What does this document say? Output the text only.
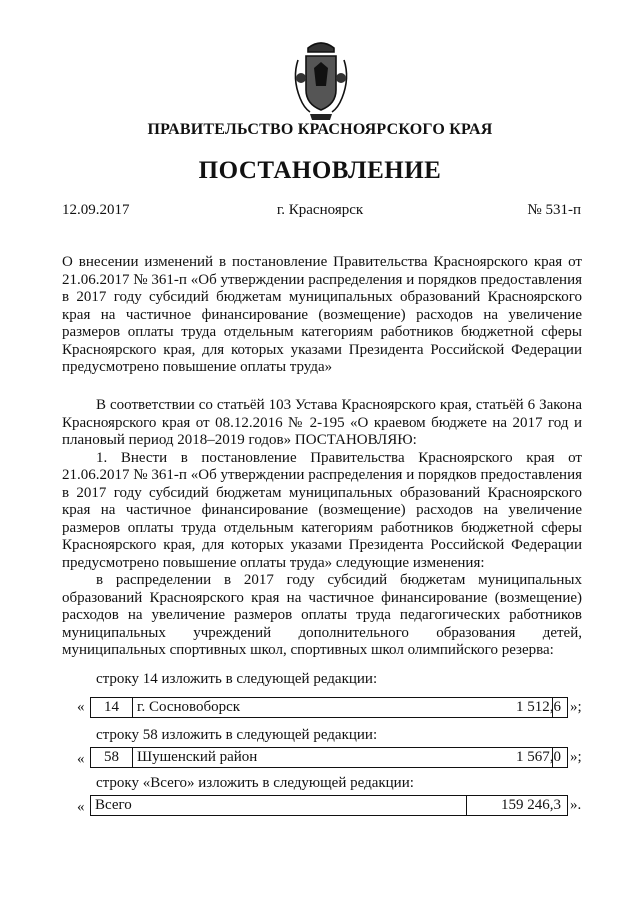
ПРАВИТЕЛЬСТВО КРАСНОЯРСКОГО КРАЯ
ПОСТАНОВЛЕНИЕ
12.09.2017	г. Красноярск	№ 531-п
О внесении изменений в постановление Правительства Красноярского края от 21.06.2017 № 361-п «Об утверждении распределения и порядков предоставления в 2017 году субсидий бюджетам муниципальных образований Красноярского края на частичное финансирование (возмещение) расходов на увеличение размеров оплаты труда отдельным категориям работников бюджетной сферы Красноярского края, для которых указами Президента Российской Федерации предусмотрено повышение оплаты труда»
В соответствии со статьёй 103 Устава Красноярского края, статьёй 6 Закона Красноярского края от 08.12.2016 № 2-195 «О краевом бюджете на 2017 год и плановый период 2018–2019 годов» ПОСТАНОВЛЯЮ:
1. Внести в постановление Правительства Красноярского края от 21.06.2017 № 361-п «Об утверждении распределения и порядков предоставления в 2017 году субсидий бюджетам муниципальных образований Красноярского края на частичное финансирование (возмещение) расходов на увеличение размеров оплаты труда отдельным категориям работников бюджетной сферы Красноярского края, для которых указами Президента Российской Федерации предусмотрено повышение оплаты труда» следующие изменения:
в распределении в 2017 году субсидий бюджетам муниципальных образований Красноярского края на частичное финансирование (возмещение) расходов на увеличение размеров оплаты труда педагогических работников муниципальных учреждений дополнительного образования детей, муниципальных спортивных школ, спортивных школ олимпийского резерва:
строку 14 изложить в следующей редакции:
«	14	г. Сосновоборск	1 512,6 »;
строку 58 изложить в следующей редакции:
«	58	Шушенский район	1 567,0 »;
строку «Всего» изложить в следующей редакции:
« Всего	159 246,3 ».
